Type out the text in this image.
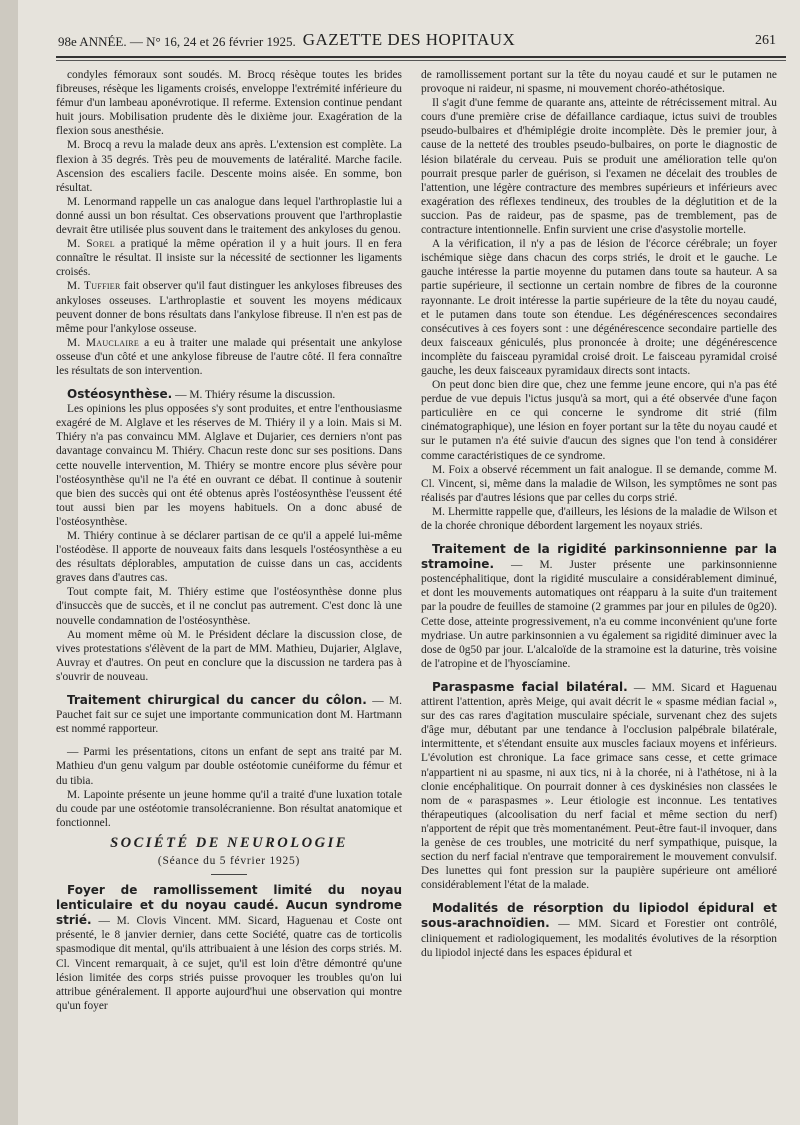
98e ANNÉE. — N° 16, 24 et 26 février 1925. GAZETTE DES HOPITAUX	261

condyles fémoraux sont soudés. M. Brocq résèque toutes les brides fibreuses, résèque les ligaments croisés, enveloppe l'extrémité inférieure du fémur d'un lambeau aponévrotique. Il referme. Extension continue pendant huit jours. Mobilisation prudente dès le dixième jour. Exagération de la flexion sous anesthésie.

M. Brocq a revu la malade deux ans après. L'extension est complète. La flexion à 35 degrés. Très peu de mouvements de latéralité. Marche facile. Ascension des escaliers facile. Descente moins aisée. En somme, bon résultat.

M. Lenormand rappelle un cas analogue dans lequel l'arthroplastie lui a donné aussi un bon résultat. Ces observations prouvent que l'arthroplastie devrait être utilisée plus souvent dans le traitement des ankyloses du genou.

M. Sorel a pratiqué la même opération il y a huit jours. Il en fera connaître le résultat. Il insiste sur la nécessité de sectionner les ligaments croisés.

M. Tuffier fait observer qu'il faut distinguer les ankyloses fibreuses des ankyloses osseuses. L'arthroplastie et souvent les moyens médicaux peuvent donner de bons résultats dans l'ankylose fibreuse. Il n'en est pas de même pour l'ankylose osseuse.

M. Mauclaire a eu à traiter une malade qui présentait une ankylose osseuse d'un côté et une ankylose fibreuse de l'autre côté. Il fera connaître les résultats de son intervention.

Ostéosynthèse. — M. Thiéry résume la discussion.

Les opinions les plus opposées s'y sont produites, et entre l'enthousiasme exagéré de M. Alglave et les réserves de M. Thiéry il y a loin. Mais si M. Thiéry n'a pas convaincu MM. Alglave et Dujarier, ces derniers n'ont pas davantage convaincu M. Thiéry. Chacun reste donc sur ses positions. Dans cette nouvelle intervention, M. Thiéry se montre encore plus sévère pour l'ostéosynthèse qu'il ne l'a été en ouvrant ce débat. Il continue à soutenir que bien des succès qui ont été obtenus après l'ostéosynthèse l'eussent été tout aussi bien par les moyens habituels. On a donc abusé de l'ostéosynthèse.

M. Thiéry continue à se déclarer partisan de ce qu'il a appelé lui-même l'ostéodèse. Il apporte de nouveaux faits dans lesquels l'ostéosynthèse a eu des résultats déplorables, amputation de cuisse dans un cas, accidents graves dans d'autres cas.

Tout compte fait, M. Thiéry estime que l'ostéosynthèse donne plus d'insuccès que de succès, et il ne conclut pas autrement. C'est donc là une nouvelle condamnation de l'ostéosynthèse.

Au moment même où M. le Président déclare la discussion close, de vives protestations s'élèvent de la part de MM. Mathieu, Dujarier, Alglave, Auvray et d'autres. On peut en conclure que la discussion ne tardera pas à s'ouvrir de nouveau.

Traitement chirurgical du cancer du côlon. — M. Pauchet fait sur ce sujet une importante communication dont M. Hartmann est nommé rapporteur.

— Parmi les présentations, citons un enfant de sept ans traité par M. Mathieu d'un genu valgum par double ostéotomie cunéiforme du fémur et du tibia.

M. Lapointe présente un jeune homme qu'il a traité d'une luxation totale du coude par une ostéotomie transolécranienne. Bon résultat anatomique et fonctionnel.

SOCIÉTÉ DE NEUROLOGIE
(Séance du 5 février 1925)

Foyer de ramollissement limité du noyau lenticulaire et du noyau caudé. Aucun syndrome strié. — M. Clovis Vincent. MM. Sicard, Haguenau et Coste ont présenté, le 8 janvier dernier, dans cette Société, quatre cas de torticolis spasmodique dit mental, qu'ils attribuaient à une lésion des corps striés. M. Cl. Vincent remarquait, à ce sujet, qu'il est loin d'être démontré qu'une lésion limitée des corps striés puisse provoquer les troubles qu'on lui attribue généralement. Il apporte aujourd'hui une observation qui montre qu'un foyer

de ramollissement portant sur la tête du noyau caudé et sur le putamen ne provoque ni raideur, ni spasme, ni mouvement choréo-athétosique.

Il s'agit d'une femme de quarante ans, atteinte de rétrécissement mitral. Au cours d'une première crise de défaillance cardiaque, ictus suivi de troubles pseudo-bulbaires et d'hémiplégie droite incomplète. Dès le premier jour, à cause de la netteté des troubles pseudo-bulbaires, on porte le diagnostic de lésion bilatérale du cerveau. Puis se produit une amélioration telle qu'on pourrait presque parler de guérison, si l'examen ne décelait des troubles de l'attention, une légère contracture des membres supérieurs et inférieurs avec exagération des réflexes tendineux, des troubles de la déglutition et de la succion. Pas de raideur, pas de spasme, pas de tremblement, pas de contracture intentionnelle. Enfin survient une crise d'asystolie mortelle.

A la vérification, il n'y a pas de lésion de l'écorce cérébrale; un foyer ischémique siège dans chacun des corps striés, le droit et le gauche. Le gauche intéresse la partie moyenne du putamen dans toute sa hauteur. A sa partie supérieure, il sectionne un certain nombre de fibres de la couronne rayonnante. Le droit intéresse la partie supérieure de la tête du noyau caudé, et le putamen dans toute son étendue. Les dégénérescences secondaires consécutives à ces foyers sont : une dégénérescence secondaire partielle des deux faisceaux géniculés, plus prononcée à droite; une dégénérescence incomplète du faisceau pyramidal croisé droit. Le faisceau pyramidal croisé gauche, les deux faisceaux pyramidaux directs sont intacts.

On peut donc bien dire que, chez une femme jeune encore, qui n'a pas été perdue de vue depuis l'ictus jusqu'à sa mort, qui a été observée d'une façon particulière en ce qui concerne le syndrome dit strié (film cinématographique), une lésion en foyer portant sur la tête du noyau caudé et sur le putamen n'a été suivie d'aucun des signes que l'on tend à considérer comme caractéristiques de ce syndrome.

M. Foix a observé récemment un fait analogue. Il se demande, comme M. Cl. Vincent, si, même dans la maladie de Wilson, les symptômes ne sont pas réalisés par d'autres lésions que par celles du corps strié.

M. Lhermitte rappelle que, d'ailleurs, les lésions de la maladie de Wilson et de la chorée chronique débordent largement les noyaux striés.

Traitement de la rigidité parkinsonnienne par la stramoine. — M. Juster présente une parkinsonnienne postencéphalitique, dont la rigidité musculaire a considérablement diminué, et dont les mouvements automatiques ont réapparu à la suite d'un traitement par la poudre de feuilles de stamoine (2 grammes par jour en pilules de 0g20). Cette dose, atteinte progressivement, n'a eu comme inconvénient qu'une forte mydriase. Un autre parkinsonnien a vu également sa rigidité diminuer avec la dose de 0g50 par jour. L'alcaloïde de la stramoine est la daturine, très voisine de l'atropine et de l'hyoscíamine.

Paraspasme facial bilatéral. — MM. Sicard et Haguenau attirent l'attention, après Meige, qui avait décrit le « spasme médian facial », sur des cas rares d'agitation musculaire spéciale, survenant chez des sujets d'âge mur, débutant par une tendance à l'occlusion palpébrale bilatérale, intermittente, et s'étendant ensuite aux muscles faciaux moyens et inférieurs. L'évolution est chronique. La face grimace sans cesse, et cette grimace n'appartient ni au spasme, ni aux tics, ni à la chorée, ni à l'athétose, ni à la clonie encéphalitique. On pourrait donner à ces dyskinésies non classées le nom de « paraspasmes ». Leur étiologie est inconnue. Les tentatives thérapeutiques (alcoolisation du nerf facial et même section du nerf) n'apportent de répit que très momentanément. Peut-être faut-il invoquer, dans la genèse de ces troubles, une motricité du nerf sympathique, puisque, la section du nerf facial n'entrave que temporairement le mouvement convulsif. Des lunettes qui font pression sur la paupière supérieure ont amélioré considérablement l'état de la malade.

Modalités de résorption du lipiodol épidural et sous-arachnoïdien. — MM. Sicard et Forestier ont contrôlé, cliniquement et radiologiquement, les modalités évolutives de la résorption du lipiodol injecté dans les espaces épidural et
